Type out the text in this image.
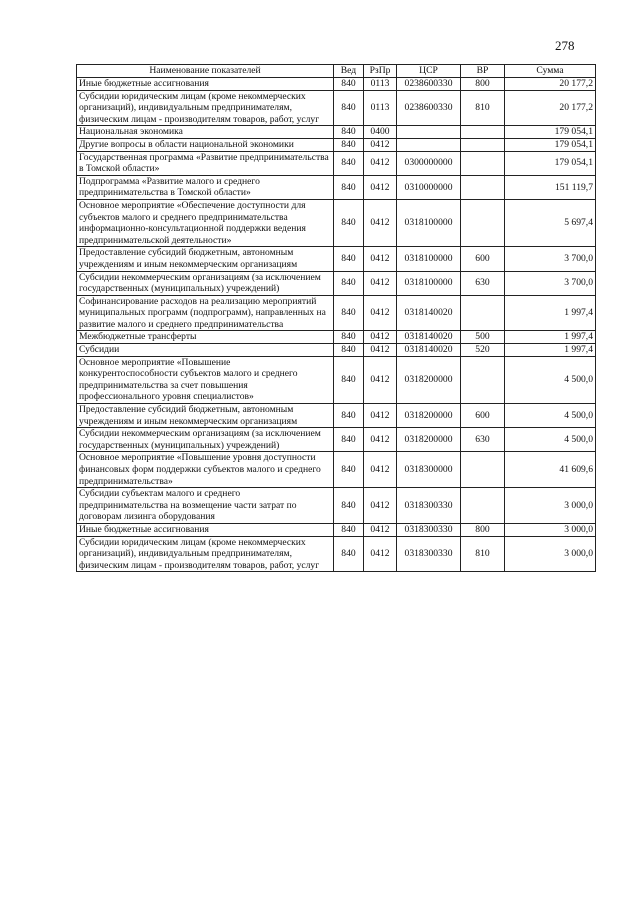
278
Наименование показателей	Вед	РзПр	ЦСР	ВР	Сумма
Иные бюджетные ассигнования	840	0113	0238600330	800	20 177,2
Субсидии юридическим лицам (кроме некоммерческих организаций), индивидуальным предпринимателям, физическим лицам - производителям товаров, работ, услуг	840	0113	0238600330	810	20 177,2
Национальная экономика	840	0400			179 054,1
Другие вопросы в области национальной экономики	840	0412			179 054,1
Государственная программа «Развитие предпринимательства в Томской области»	840	0412	0300000000		179 054,1
Подпрограмма «Развитие малого и среднего предпринимательства в Томской области»	840	0412	0310000000		151 119,7
Основное мероприятие «Обеспечение доступности для субъектов малого и среднего предпринимательства информационно-консультационной поддержки ведения предпринимательской деятельности»	840	0412	0318100000		5 697,4
Предоставление субсидий бюджетным, автономным учреждениям и иным некоммерческим организациям	840	0412	0318100000	600	3 700,0
Субсидии некоммерческим организациям (за исключением государственных (муниципальных) учреждений)	840	0412	0318100000	630	3 700,0
Софинансирование расходов на реализацию мероприятий муниципальных программ (подпрограмм), направленных на развитие малого и среднего предпринимательства	840	0412	0318140020		1 997,4
Межбюджетные трансферты	840	0412	0318140020	500	1 997,4
Субсидии	840	0412	0318140020	520	1 997,4
Основное мероприятие «Повышение конкурентоспособности субъектов малого и среднего предпринимательства за счет повышения профессионального уровня специалистов»	840	0412	0318200000		4 500,0
Предоставление субсидий бюджетным, автономным учреждениям и иным некоммерческим организациям	840	0412	0318200000	600	4 500,0
Субсидии некоммерческим организациям (за исключением государственных (муниципальных) учреждений)	840	0412	0318200000	630	4 500,0
Основное мероприятие «Повышение уровня доступности финансовых форм поддержки субъектов малого и среднего предпринимательства»	840	0412	0318300000		41 609,6
Субсидии субъектам малого и среднего предпринимательства на возмещение части затрат по договорам лизинга оборудования	840	0412	0318300330		3 000,0
Иные бюджетные ассигнования	840	0412	0318300330	800	3 000,0
Субсидии юридическим лицам (кроме некоммерческих организаций), индивидуальным предпринимателям, физическим лицам - производителям товаров, работ, услуг	840	0412	0318300330	810	3 000,0
